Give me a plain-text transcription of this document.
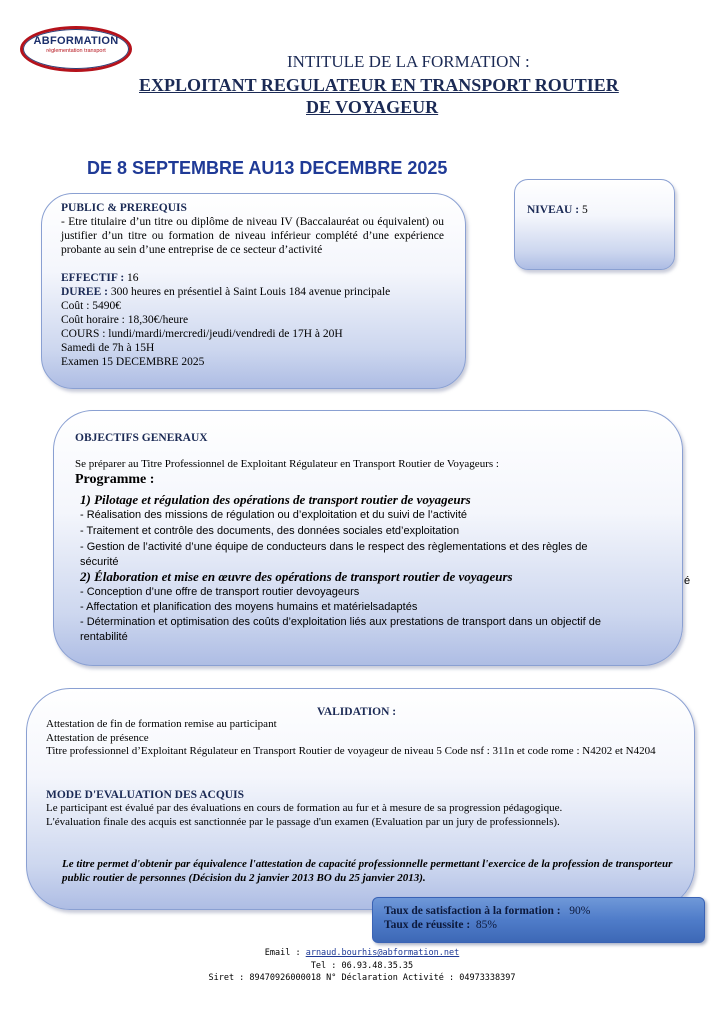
ABFORMATION
réglementation transport
INTITULE DE LA FORMATION :
EXPLOITANT REGULATEUR EN TRANSPORT ROUTIER
DE VOYAGEUR
DE 8 SEPTEMBRE AU13 DECEMBRE 2025

PUBLIC & PREREQUIS

- Etre titulaire d’un titre ou diplôme de niveau IV (Baccalauréat ou équivalent) ou justifier d’un titre ou formation de niveau inférieur complété d’une expérience probante au sein d’une entreprise de ce secteur d’activité

EFFECTIF : 16

DUREE : 300 heures en présentiel à Saint Louis 184 avenue principale

Coût : 5490€

Coût horaire : 18,30€/heure

COURS : lundi/mardi/mercredi/jeudi/vendredi de 17H à 20H

Samedi de 7h à 15H

Examen 15 DECEMBRE 2025

NIVEAU : 5
OBJECTIFS GENERAUX
Se préparer au Titre Professionnel de Exploitant Régulateur en Transport Routier de Voyageurs :
Programme :
1) Pilotage et régulation des opérations de transport routier de voyageurs
- Réalisation des missions de régulation ou d’exploitation et du suivi de l’activité
- Traitement et contrôle des documents, des données sociales etd’exploitation
- Gestion de l’activité d’une équipe de conducteurs dans le respect des règlementations et des règles de sécurité
2) Élaboration et mise en œuvre des opérations de transport routier de voyageurs
- Conception d’une offre de transport routier devoyageurs
- Affectation et planification des moyens humains et matérielsadaptés
- Détermination et optimisation des coûts d’exploitation liés aux prestations de transport dans un objectif de rentabilité
é
VALIDATION :
Attestation de fin de formation remise au participant
Attestation de présence
Titre professionnel d’Exploitant Régulateur en Transport Routier de voyageur de niveau 5 Code nsf : 311n et code rome : N4202 et N4204
MODE D'EVALUATION DES ACQUIS
Le participant est évalué par des évaluations en cours de formation au fur et à mesure de sa progression pédagogique.
L'évaluation finale des acquis est sanctionnée par le passage d'un examen (Evaluation par un jury de professionnels).
Le titre permet d'obtenir par équivalence l'attestation de capacité professionnelle permettant l'exercice de la profession de transporteur public routier de personnes (Décision du 2 janvier 2013 BO du 25 janvier 2013).
Taux de satisfaction à la formation : 90%
Taux de réussite : 85%
Email : arnaud.bourhis@abformation.net
Tel : 06.93.48.35.35
Siret : 89470926000018 N° Déclaration Activité : 04973338397
